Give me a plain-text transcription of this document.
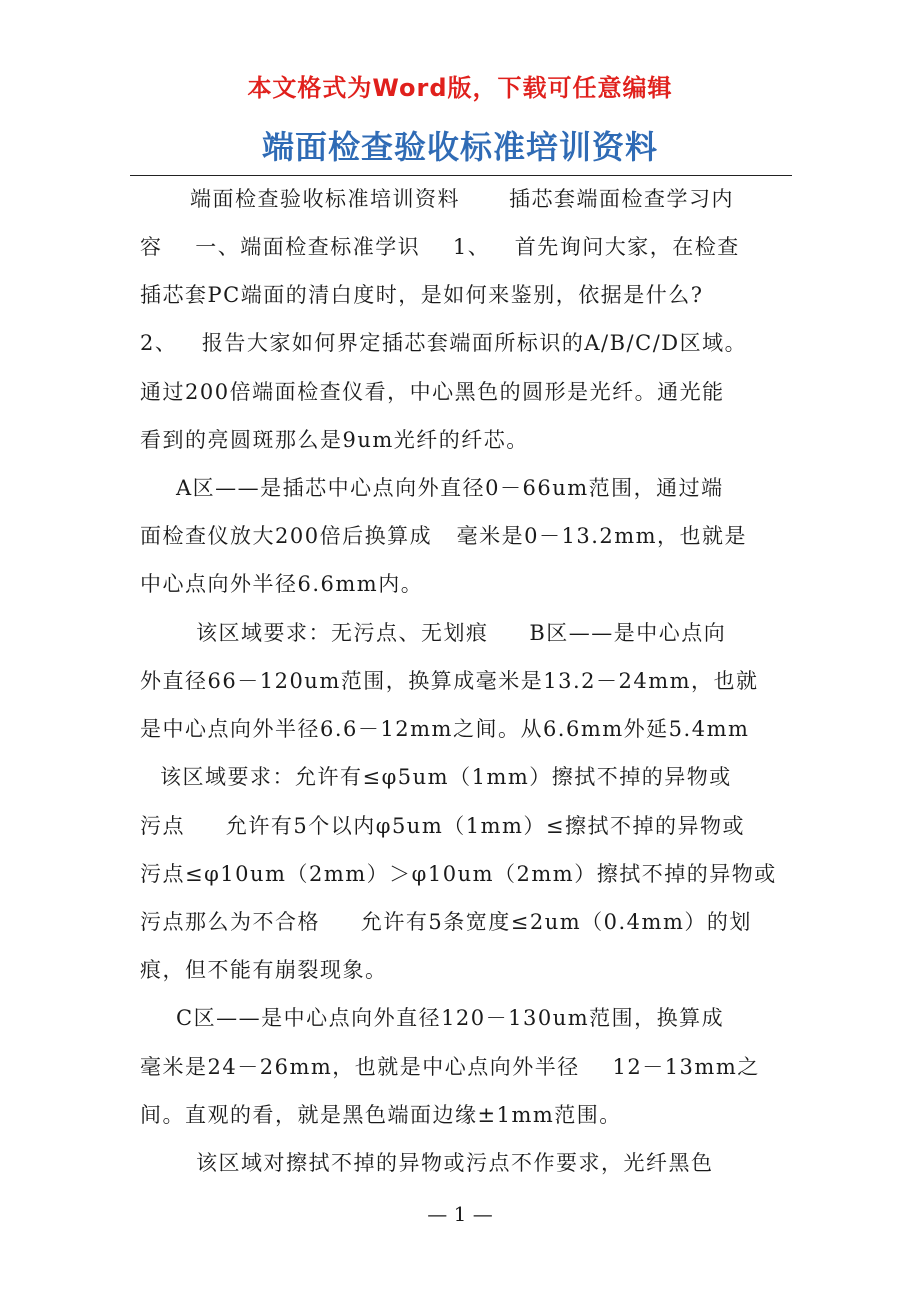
本文格式为Word版，下载可任意编辑
端面检查验收标准培训资料
端面检查验收标准培训资料      插芯套端面检查学习内
容    一、端面检查标准学识    1、   首先询问大家，在检查
插芯套PC端面的清白度时，是如何来鉴别，依据是什么?
2、   报告大家如何界定插芯套端面所标识的A/B/C/D区域。
通过200倍端面检查仪看，中心黑色的圆形是光纤。通光能
看到的亮圆斑那么是9um光纤的纤芯。
A区——是插芯中心点向外直径0－66um范围，通过端
面检查仪放大200倍后换算成   毫米是0－13.2mm，也就是
中心点向外半径6.6mm内。
该区域要求：无污点、无划痕     B区——是中心点向
外直径66－120um范围，换算成毫米是13.2－24mm，也就
是中心点向外半径6.6－12mm之间。从6.6mm外延5.4mm
该区域要求：允许有≤φ5um（1mm）擦拭不掉的异物或
污点     允许有5个以内φ5um（1mm）≤擦拭不掉的异物或
污点≤φ10um（2mm）＞φ10um（2mm）擦拭不掉的异物或
污点那么为不合格     允许有5条宽度≤2um（0.4mm）的划
痕，但不能有崩裂现象。
C区——是中心点向外直径120－130um范围，换算成
毫米是24－26mm，也就是中心点向外半径    12－13mm之
间。直观的看，就是黑色端面边缘±1mm范围。
该区域对擦拭不掉的异物或污点不作要求，光纤黑色
— 1 —
